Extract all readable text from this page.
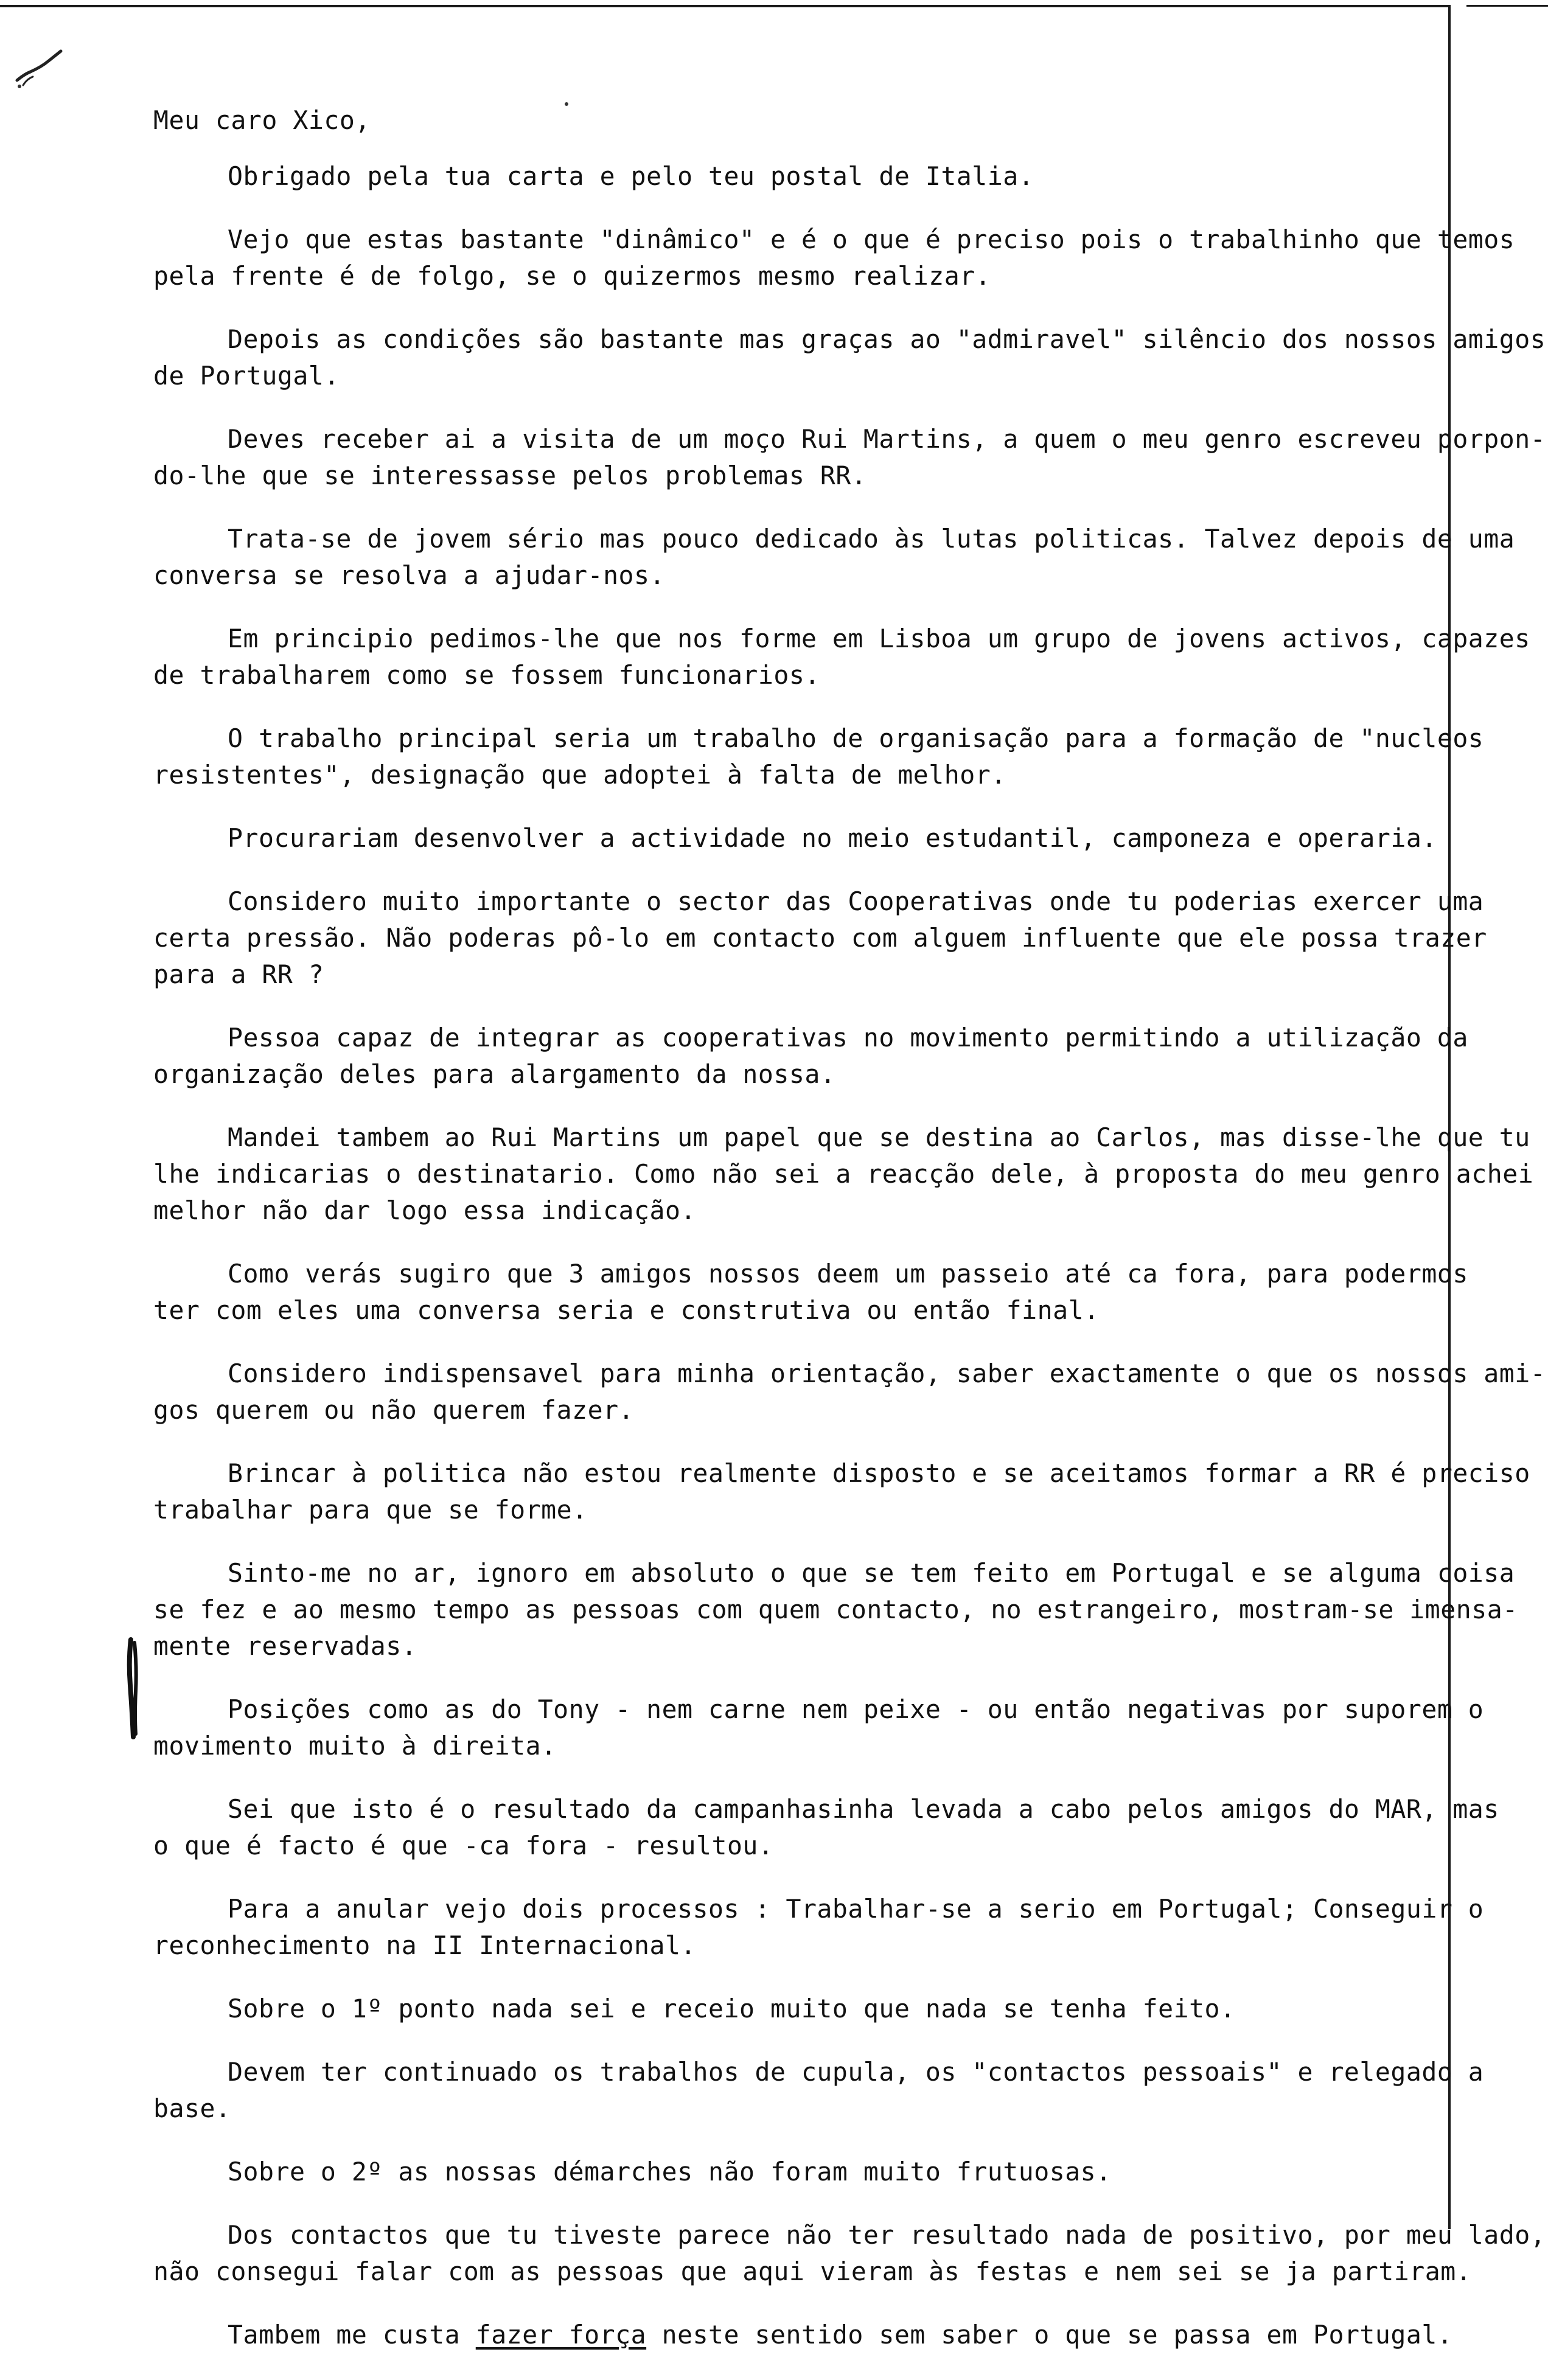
Meu caro Xico,
Obrigado pela tua carta e pelo teu postal de Italia.
Vejo que estas bastante "dinâmico" e é o que é preciso pois o trabalhinho que temos
pela frente é de folgo, se o quizermos mesmo realizar.
Depois as condições são bastante mas graças ao "admiravel" silêncio dos nossos amigos
de Portugal.
Deves receber ai a visita de um moço Rui Martins, a quem o meu genro escreveu porpon-
do-lhe que se interessasse pelos problemas RR.
Trata-se de jovem sério mas pouco dedicado às lutas politicas. Talvez depois de uma
conversa se resolva a ajudar-nos.
Em principio pedimos-lhe que nos forme em Lisboa um grupo de jovens activos, capazes
de trabalharem como se fossem funcionarios.
O trabalho principal seria um trabalho de organisação para a formação de "nucleos
resistentes", designação que adoptei à falta de melhor.
Procurariam desenvolver a actividade no meio estudantil, camponeza e operaria.
Considero muito importante o sector das Cooperativas onde tu poderias exercer uma
certa pressão. Não poderas pô-lo em contacto com alguem influente que ele possa trazer
para a RR ?
Pessoa capaz de integrar as cooperativas no movimento permitindo a utilização da
organização deles para alargamento da nossa.
Mandei tambem ao Rui Martins um papel que se destina ao Carlos, mas disse-lhe que tu
lhe indicarias o destinatario. Como não sei a reacção dele, à proposta do meu genro achei
melhor não dar logo essa indicação.
Como verás sugiro que 3 amigos nossos deem um passeio até ca fora, para podermos
ter com eles uma conversa seria e construtiva ou então final.
Considero indispensavel para minha orientação, saber exactamente o que os nossos ami-
gos querem ou não querem fazer.
Brincar à politica não estou realmente disposto e se aceitamos formar a RR é preciso
trabalhar para que se forme.
Sinto-me no ar, ignoro em absoluto o que se tem feito em Portugal e se alguma coisa
se fez e ao mesmo tempo as pessoas com quem contacto, no estrangeiro, mostram-se imensa-
mente reservadas.
Posições como as do Tony - nem carne nem peixe - ou então negativas por suporem o
movimento muito à direita.
Sei que isto é o resultado da campanhasinha levada a cabo pelos amigos do MAR, mas
o que é facto é que -ca fora - resultou.
Para a anular vejo dois processos : Trabalhar-se a serio em Portugal; Conseguir o
reconhecimento na II Internacional.
Sobre o 1º ponto nada sei e receio muito que nada se tenha feito.
Devem ter continuado os trabalhos de cupula, os "contactos pessoais" e relegado a
base.
Sobre o 2º as nossas démarches não foram muito frutuosas.
Dos contactos que tu tiveste parece não ter resultado nada de positivo, por meu lado,
não consegui falar com as pessoas que aqui vieram às festas e nem sei se ja partiram.
Tambem me custa fazer força neste sentido sem saber o que se passa em Portugal.
